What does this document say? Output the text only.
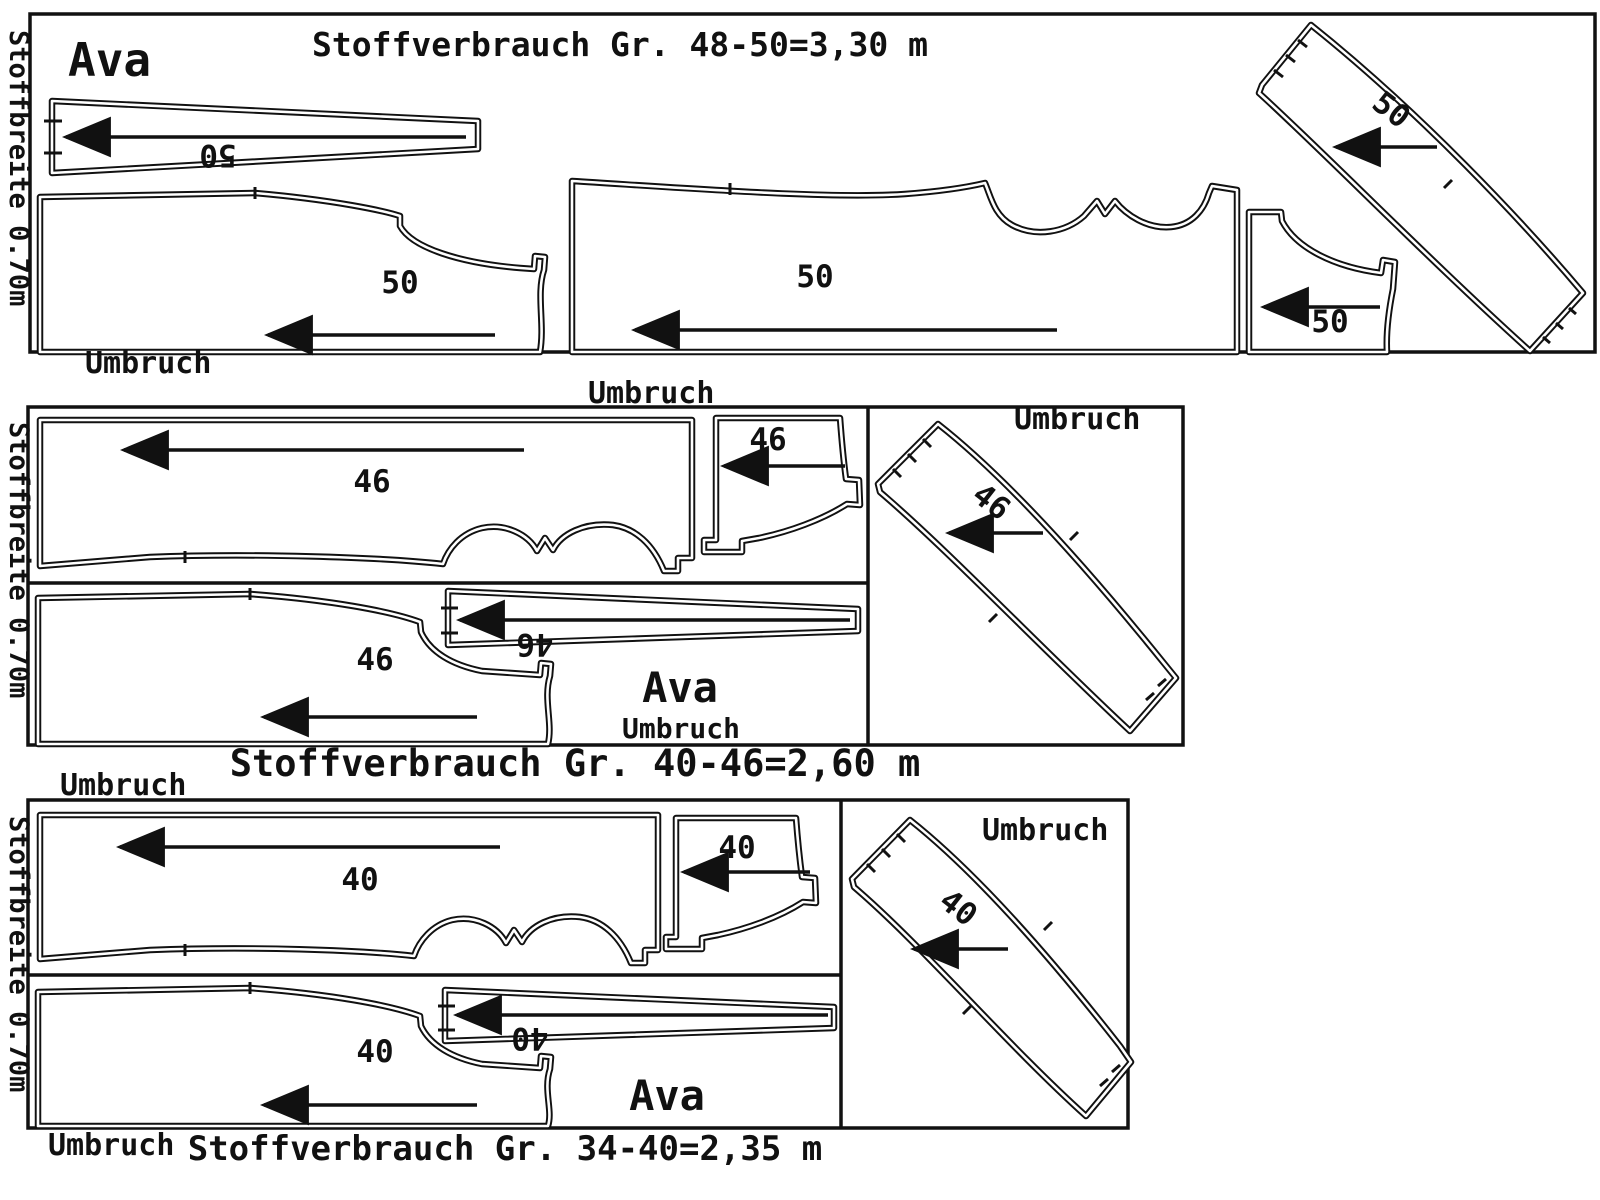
Ava	Stoffverbrauch Gr. 48-50=3,30 m
Stoffbreite 0.70m	50
50	50
50
50
Umbruch
Umbruch
Stoffbreite 0.70m
Umbruch
46
46
46	46
46
Ava
Umbruch
Stoffverbrauch Gr. 40-46=2,60 m
Umbruch
Stoffbreite 0.70m	Umbruch
40
40
40	40
40
Ava
Umbruch Stoffverbrauch Gr. 34-40=2,35 m
